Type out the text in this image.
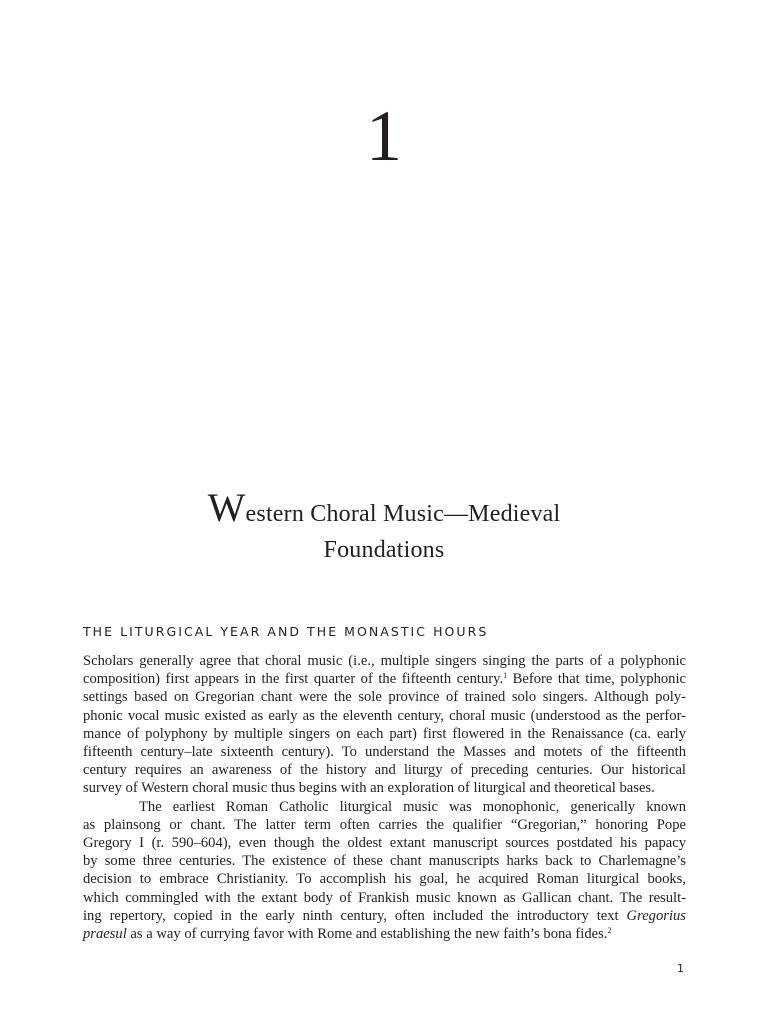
1
Western Choral Music—Medieval
Foundations
THE LITURGICAL YEAR AND THE MONASTIC HOURS
Scholars generally agree that choral music (i.e., multiple singers singing the parts of a polyphonic
composition) first appears in the first quarter of the fifteenth century.$^1$ Before that time, polyphonic
settings based on Gregorian chant were the sole province of trained solo singers. Although poly-
phonic vocal music existed as early as the eleventh century, choral music (understood as the perfor-
mance of polyphony by multiple singers on each part) first flowered in the Renaissance (ca. early
fifteenth century–late sixteenth century). To understand the Masses and motets of the fifteenth
century requires an awareness of the history and liturgy of preceding centuries. Our historical
survey of Western choral music thus begins with an exploration of liturgical and theoretical bases.
The earliest Roman Catholic liturgical music was monophonic, generically known
as plainsong or chant. The latter term often carries the qualifier “Gregorian,” honoring Pope
Gregory I (r. 590–604), even though the oldest extant manuscript sources postdated his papacy
by some three centuries. The existence of these chant manuscripts harks back to Charlemagne’s
decision to embrace Christianity. To accomplish his goal, he acquired Roman liturgical books,
which commingled with the extant body of Frankish music known as Gallican chant. The result-
ing repertory, copied in the early ninth century, often included the introductory text Gregorius
praesul as a way of currying favor with Rome and establishing the new faith’s bona fides.$^2$
1
